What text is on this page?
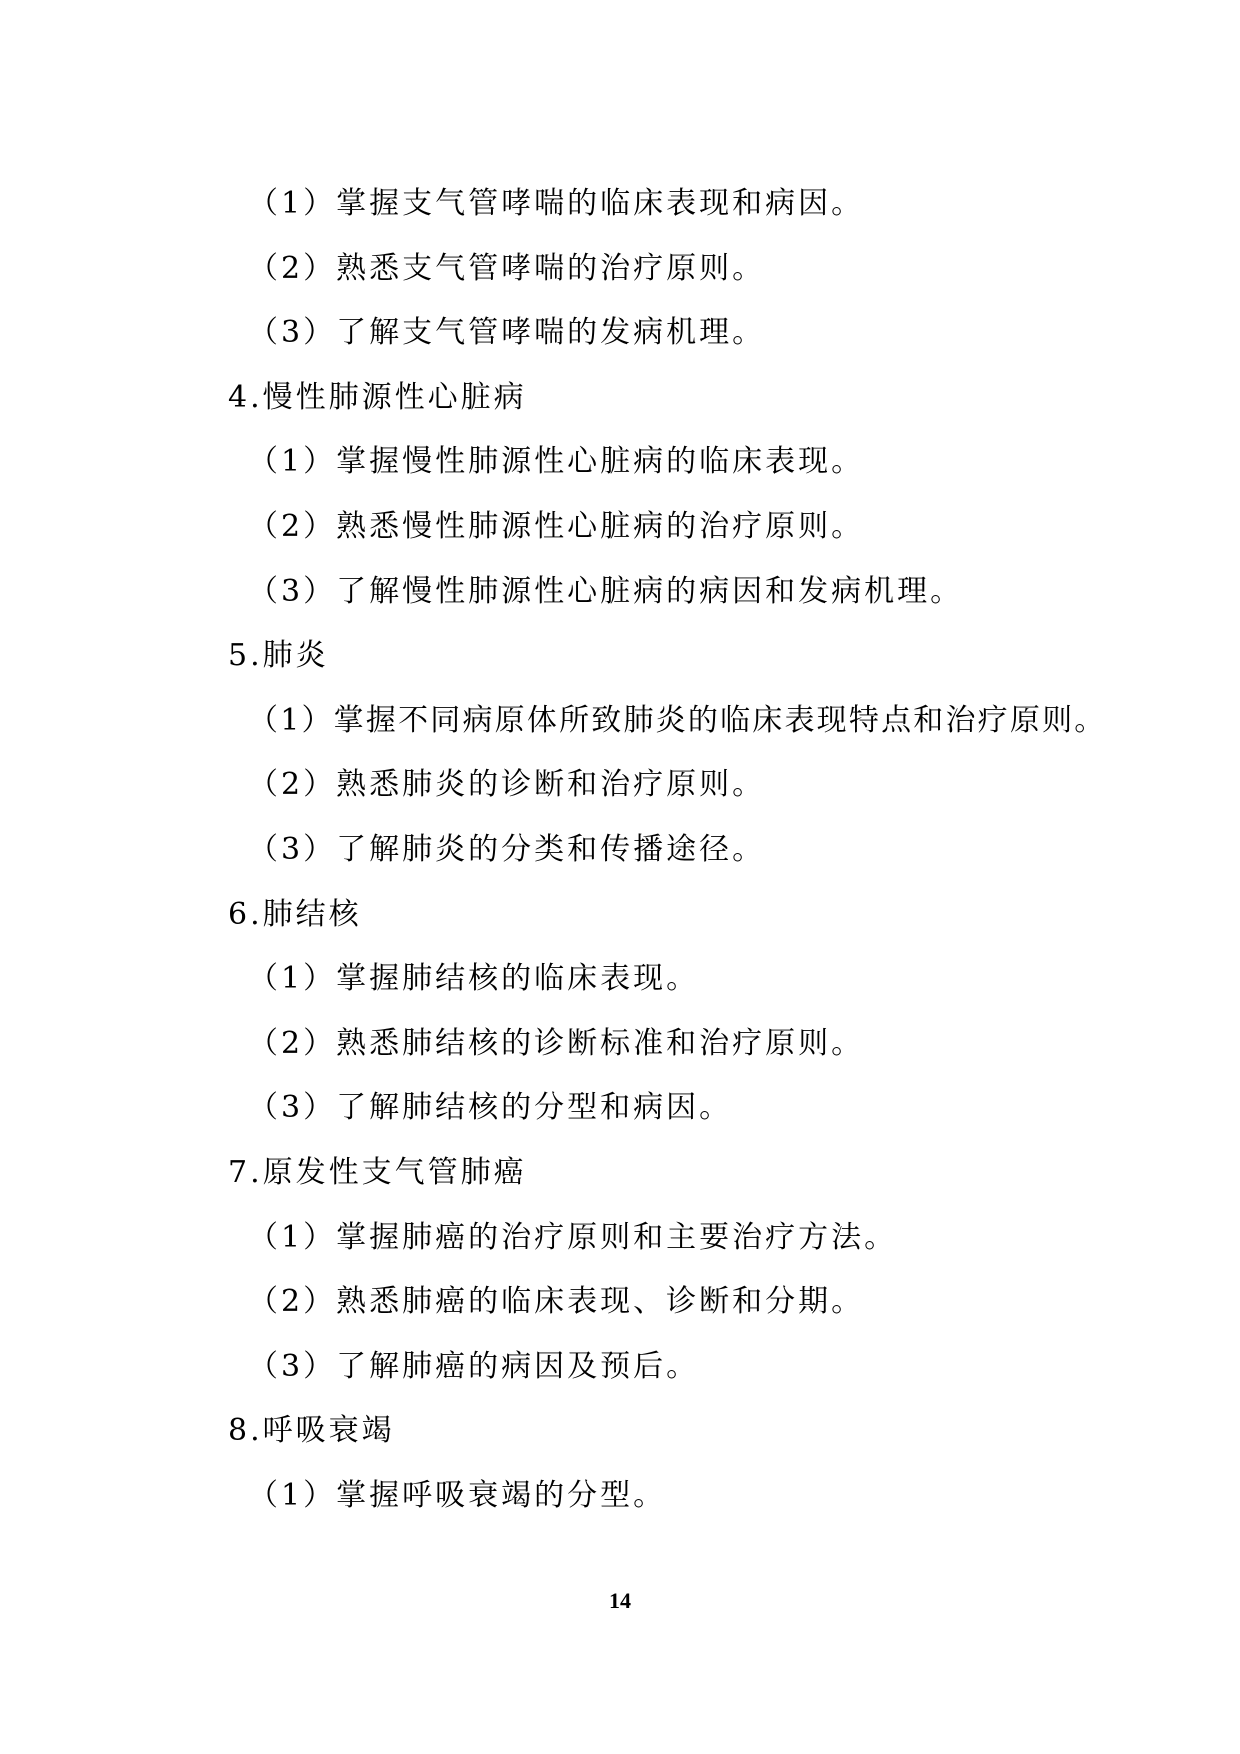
（1）掌握支气管哮喘的临床表现和病因。
（2）熟悉支气管哮喘的治疗原则。
（3）了解支气管哮喘的发病机理。
4.慢性肺源性心脏病
（1）掌握慢性肺源性心脏病的临床表现。
（2）熟悉慢性肺源性心脏病的治疗原则。
（3）了解慢性肺源性心脏病的病因和发病机理。
5.肺炎
（1）掌握不同病原体所致肺炎的临床表现特点和治疗原则。
（2）熟悉肺炎的诊断和治疗原则。
（3）了解肺炎的分类和传播途径。
6.肺结核
（1）掌握肺结核的临床表现。
（2）熟悉肺结核的诊断标准和治疗原则。
（3）了解肺结核的分型和病因。
7.原发性支气管肺癌
（1）掌握肺癌的治疗原则和主要治疗方法。
（2）熟悉肺癌的临床表现、诊断和分期。
（3）了解肺癌的病因及预后。
8.呼吸衰竭
（1）掌握呼吸衰竭的分型。
14
